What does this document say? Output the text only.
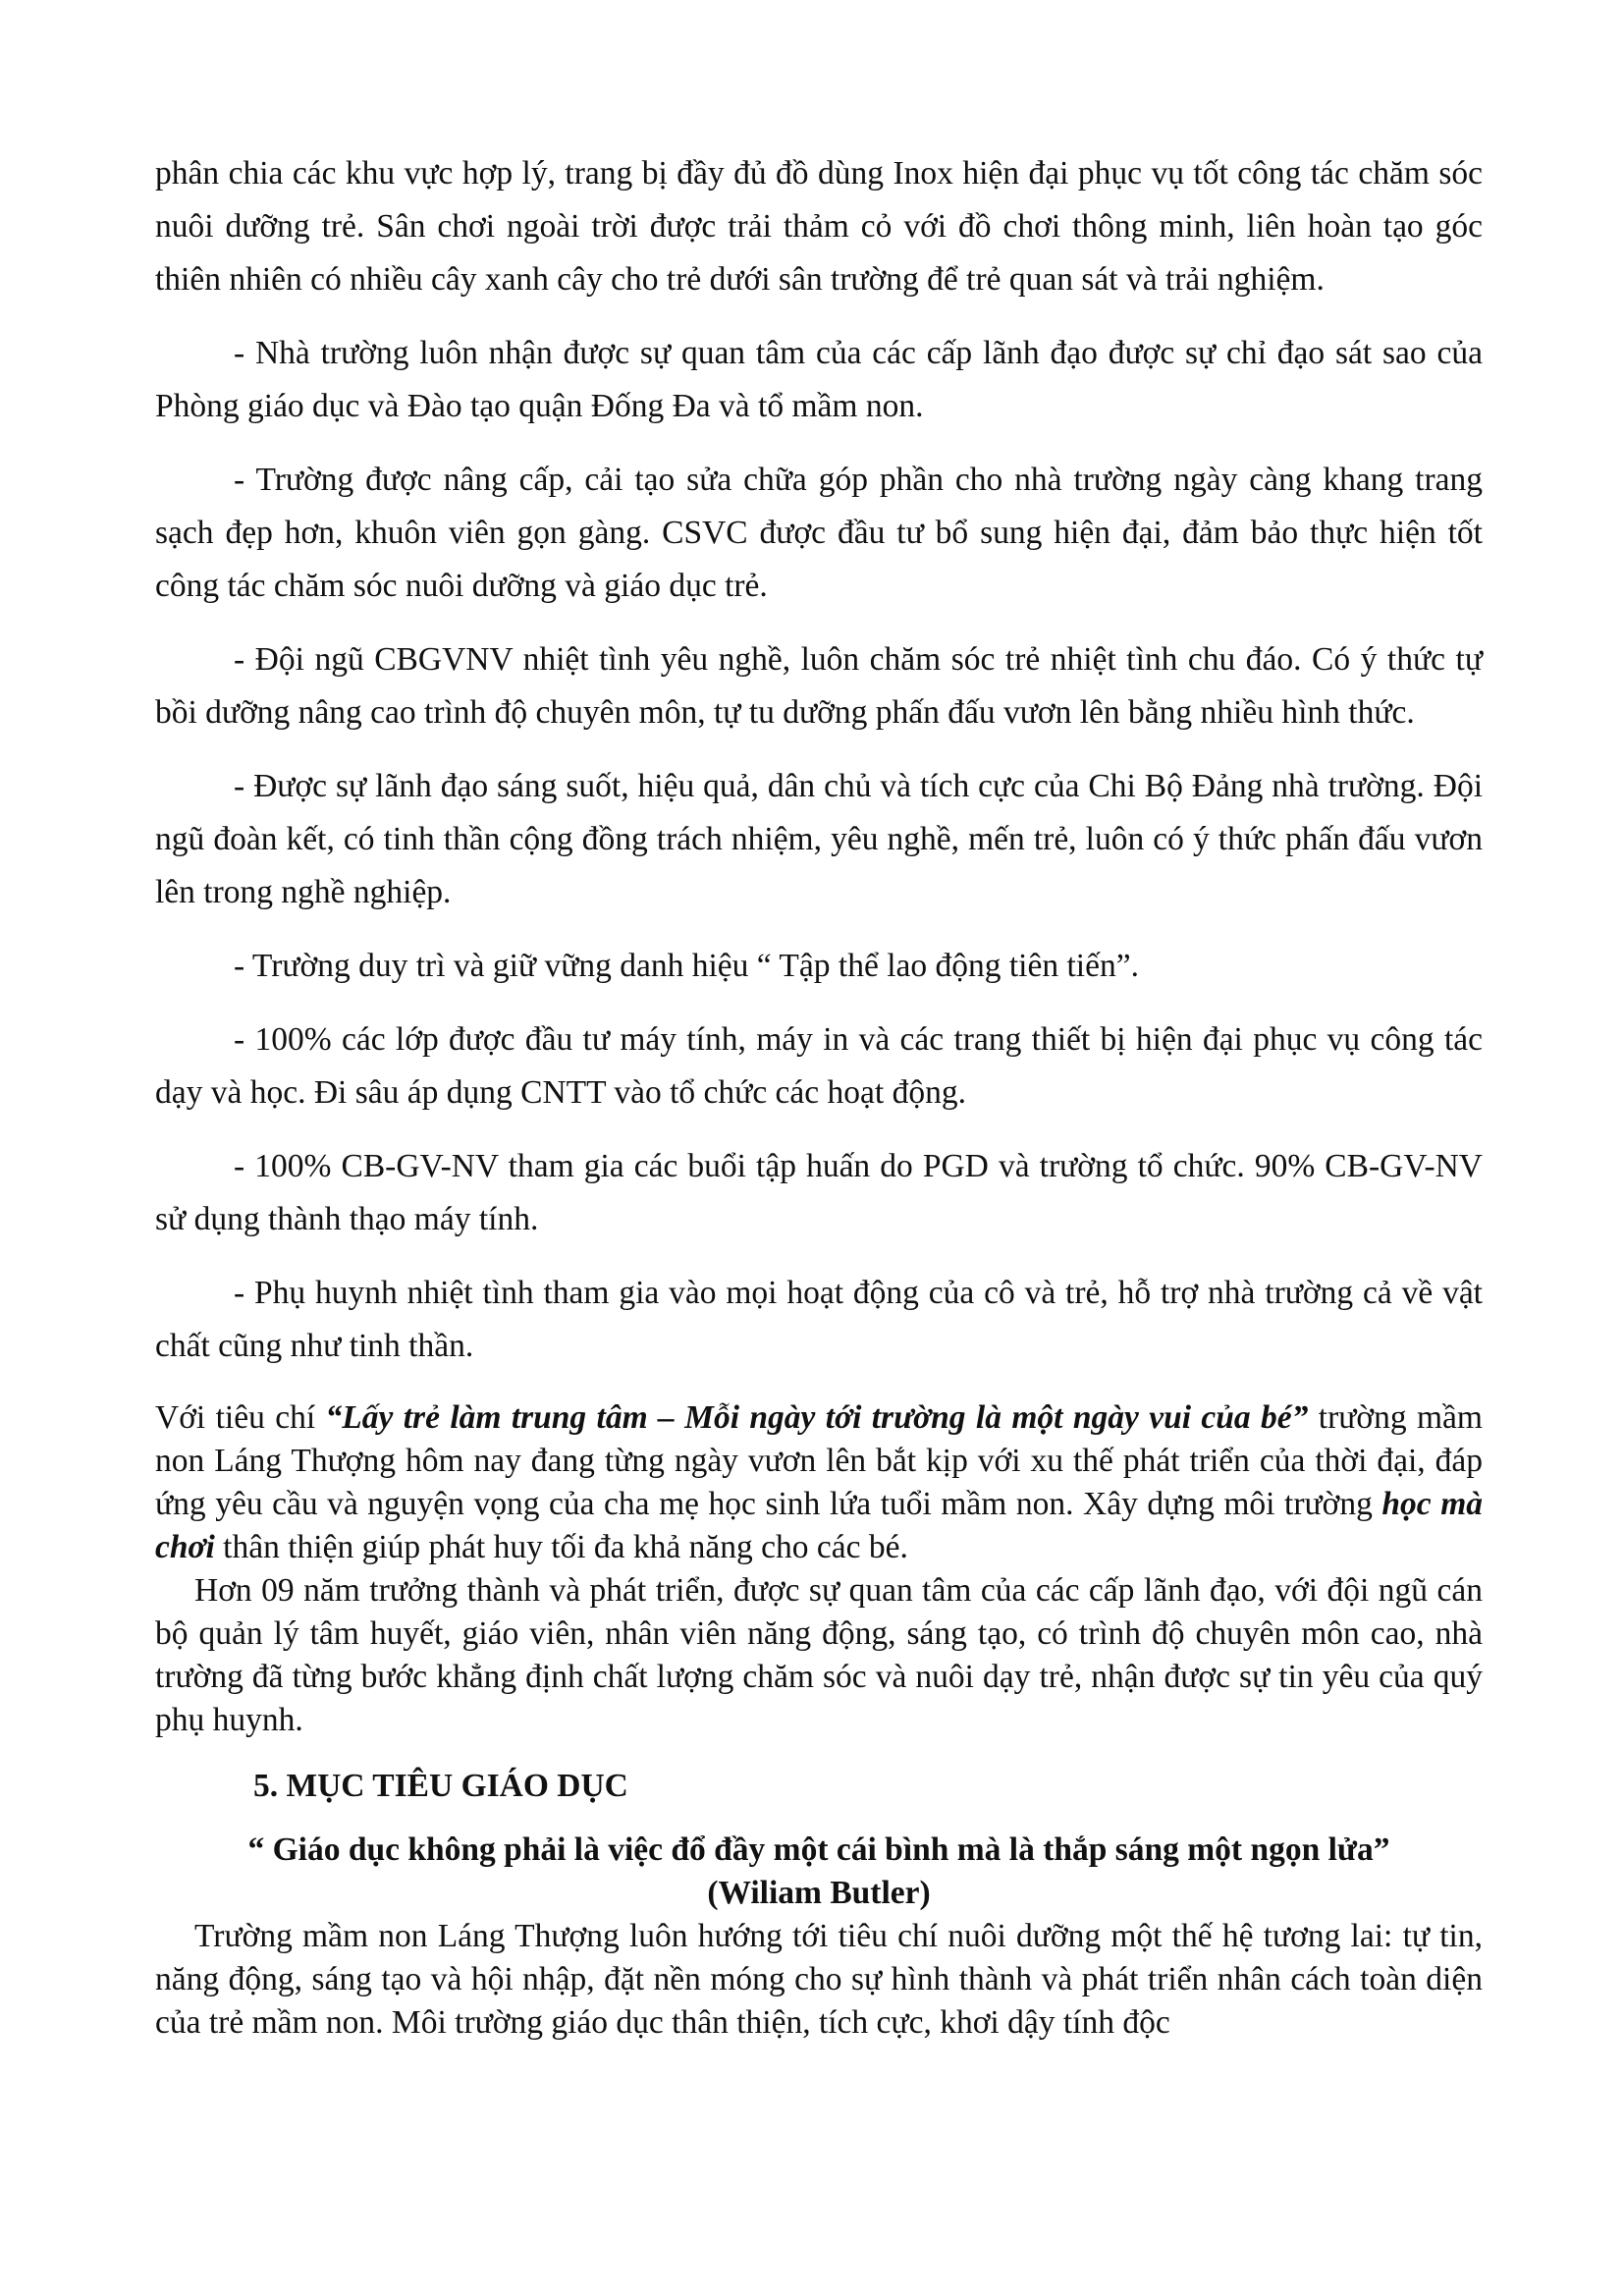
phân chia các khu vực hợp lý, trang bị đầy đủ đồ dùng Inox hiện đại phục vụ tốt công tác chăm sóc nuôi dưỡng trẻ. Sân chơi ngoài trời được trải thảm cỏ với đồ chơi thông minh, liên hoàn tạo góc thiên nhiên có nhiều cây xanh cây cho trẻ dưới sân trường để trẻ quan sát và trải nghiệm.

- Nhà trường luôn nhận được sự quan tâm của các cấp lãnh đạo được sự chỉ đạo sát sao của Phòng giáo dục và Đào tạo quận Đống Đa và tổ mầm non.

- Trường được nâng cấp, cải tạo sửa chữa góp phần cho nhà trường ngày càng khang trang sạch đẹp hơn, khuôn viên gọn gàng. CSVC được đầu tư bổ sung hiện đại, đảm bảo thực hiện tốt công tác chăm sóc nuôi dưỡng và giáo dục trẻ.

- Đội ngũ CBGVNV nhiệt tình yêu nghề, luôn chăm sóc trẻ nhiệt tình chu đáo. Có ý thức tự bồi dưỡng nâng cao trình độ chuyên môn, tự tu dưỡng phấn đấu vươn lên bằng nhiều hình thức.

- Được sự lãnh đạo sáng suốt, hiệu quả, dân chủ và tích cực của Chi Bộ Đảng nhà trường. Đội ngũ đoàn kết, có tinh thần cộng đồng trách nhiệm, yêu nghề, mến trẻ, luôn có ý thức phấn đấu vươn lên trong nghề nghiệp.

- Trường duy trì và giữ vững danh hiệu “ Tập thể lao động tiên tiến”.

- 100% các lớp được đầu tư máy tính, máy in và các trang thiết bị hiện đại phục vụ công tác dạy và học. Đi sâu áp dụng CNTT vào tổ chức các hoạt động.

- 100% CB-GV-NV tham gia các buổi tập huấn do PGD và trường tổ chức. 90% CB-GV-NV sử dụng thành thạo máy tính.

- Phụ huynh nhiệt tình tham gia vào mọi hoạt động của cô và trẻ, hỗ trợ nhà trường cả về vật chất cũng như tinh thần.

Với tiêu chí “Lấy trẻ làm trung tâm – Mỗi ngày tới trường là một ngày vui của bé” trường mầm non Láng Thượng hôm nay đang từng ngày vươn lên bắt kịp với xu thế phát triển của thời đại, đáp ứng yêu cầu và nguyện vọng của cha mẹ học sinh lứa tuổi mầm non. Xây dựng môi trường học mà chơi thân thiện giúp phát huy tối đa khả năng cho các bé.

Hơn 09 năm trưởng thành và phát triển, được sự quan tâm của các cấp lãnh đạo, với đội ngũ cán bộ quản lý tâm huyết, giáo viên, nhân viên năng động, sáng tạo, có trình độ chuyên môn cao, nhà trường đã từng bước khẳng định chất lượng chăm sóc và nuôi dạy trẻ, nhận được sự tin yêu của quý phụ huynh.

5. MỤC TIÊU GIÁO DỤC

“ Giáo dục không phải là việc đổ đầy một cái bình mà là thắp sáng một ngọn lửa”

(Wiliam Butler)

Trường mầm non Láng Thượng luôn hướng tới tiêu chí nuôi dưỡng một thế hệ tương lai: tự tin, năng động, sáng tạo và hội nhập, đặt nền móng cho sự hình thành và phát triển nhân cách toàn diện của trẻ mầm non. Môi trường giáo dục thân thiện, tích cực, khơi dậy tính độc
